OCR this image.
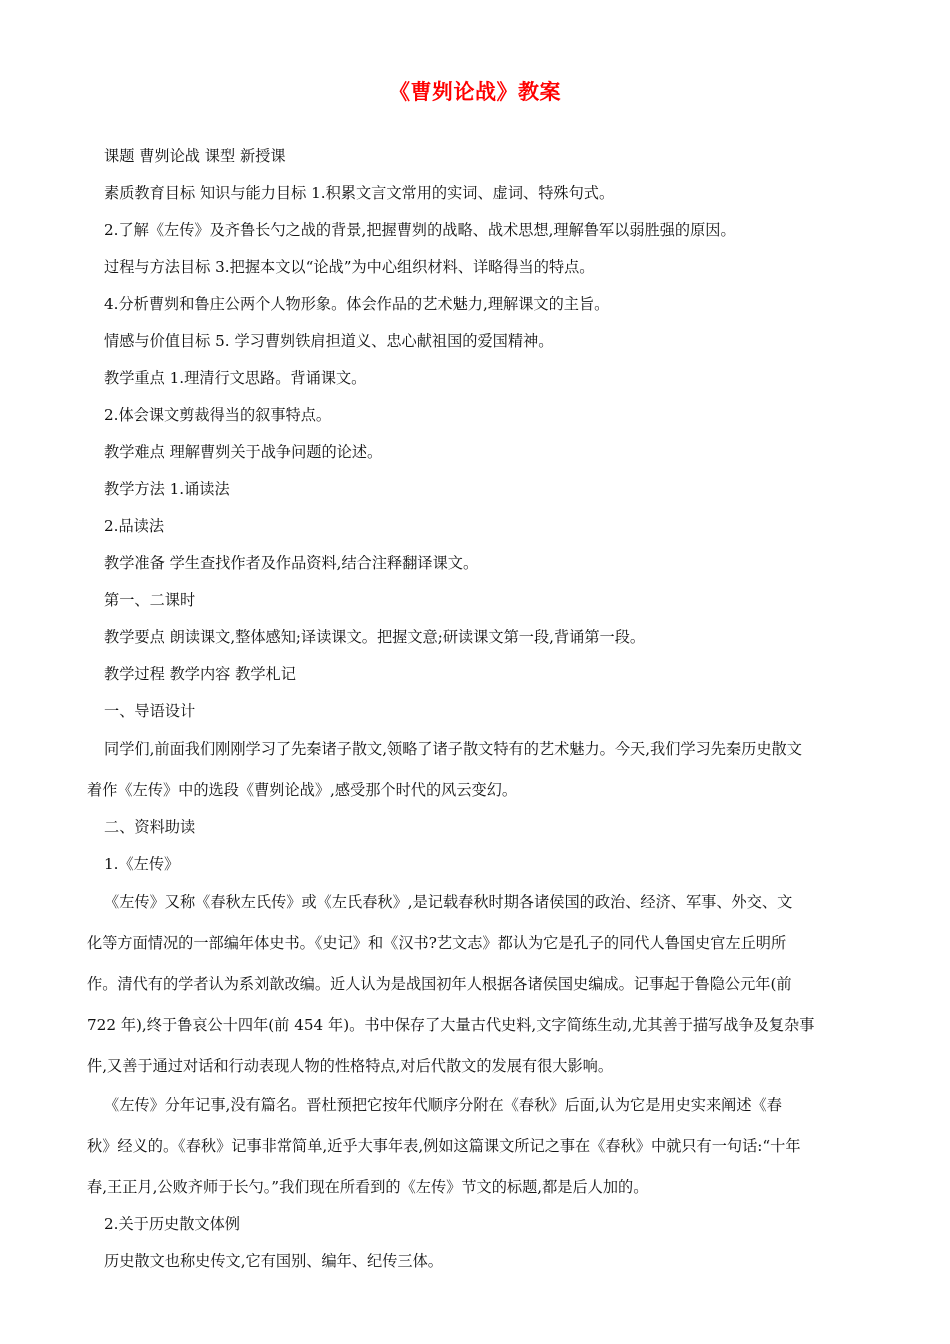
《曹刿论战》教案
课题 曹刿论战 课型 新授课
素质教育目标 知识与能力目标 1.积累文言文常用的实词、虚词、特殊句式。
2.了解《左传》及齐鲁长勺之战的背景,把握曹刿的战略、战术思想,理解鲁军以弱胜强的原因。
过程与方法目标 3.把握本文以“论战”为中心组织材料、详略得当的特点。
4.分析曹刿和鲁庄公两个人物形象。体会作品的艺术魅力,理解课文的主旨。
情感与价值目标 5. 学习曹刿铁肩担道义、忠心献祖国的爱国精神。
教学重点 1.理清行文思路。背诵课文。
2.体会课文剪裁得当的叙事特点。
教学难点 理解曹刿关于战争问题的论述。
教学方法 1.诵读法
2.品读法
教学准备 学生查找作者及作品资料,结合注释翻译课文。
第一、二课时
教学要点 朗读课文,整体感知;译读课文。把握文意;研读课文第一段,背诵第一段。
教学过程 教学内容 教学札记
一、导语设计
同学们,前面我们刚刚学习了先秦诸子散文,领略了诸子散文特有的艺术魅力。今天,我们学习先秦历史散文
着作《左传》中的选段《曹刿论战》,感受那个时代的风云变幻。
二、资料助读
1.《左传》
《左传》又称《春秋左氏传》或《左氏春秋》,是记载春秋时期各诸侯国的政治、经济、军事、外交、文
化等方面情况的一部编年体史书。《史记》和《汉书?艺文志》都认为它是孔子的同代人鲁国史官左丘明所
作。清代有的学者认为系刘歆改编。近人认为是战国初年人根据各诸侯国史编成。记事起于鲁隐公元年(前
722 年),终于鲁哀公十四年(前 454 年)。书中保存了大量古代史料,文字简练生动,尤其善于描写战争及复杂事
件,又善于通过对话和行动表现人物的性格特点,对后代散文的发展有很大影响。
《左传》分年记事,没有篇名。晋杜预把它按年代顺序分附在《春秋》后面,认为它是用史实来阐述《春
秋》经义的。《春秋》记事非常简单,近乎大事年表,例如这篇课文所记之事在《春秋》中就只有一句话:“十年
春,王正月,公败齐师于长勺。”我们现在所看到的《左传》节文的标题,都是后人加的。
2.关于历史散文体例
历史散文也称史传文,它有国别、编年、纪传三体。
